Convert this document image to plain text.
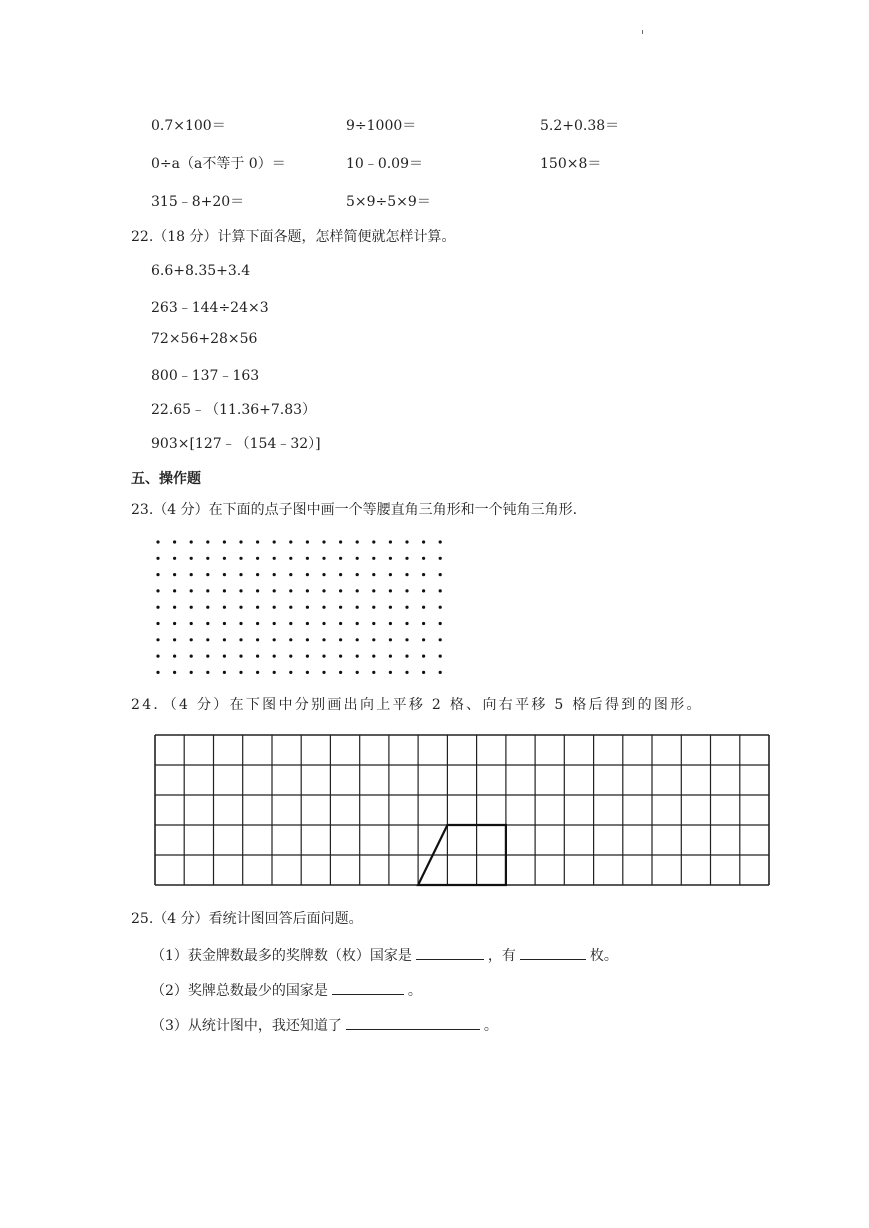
0.7×100＝	9÷1000＝	5.2+0.38＝
0÷a（a不等于 0）＝	10﹣0.09＝	150×8＝
315﹣8+20＝	5×9÷5×9＝
22.（18 分）计算下面各题，怎样简便就怎样计算。
6.6+8.35+3.4
263﹣144÷24×3
72×56+28×56
800﹣137﹣163
22.65﹣（11.36+7.83）
903×[127﹣（154﹣32）]
五、操作题
23.（4 分）在下面的点子图中画一个等腰直角三角形和一个钝角三角形.
24．（4 分）在下图中分别画出向上平移 2 格、向右平移 5 格后得到的图形。
25.（4 分）看统计图回答后面问题。
（1）获金牌数最多的奖牌数（枚）国家是	，有	枚。
（2）奖牌总数最少的国家是	。
（3）从统计图中，我还知道了	。
